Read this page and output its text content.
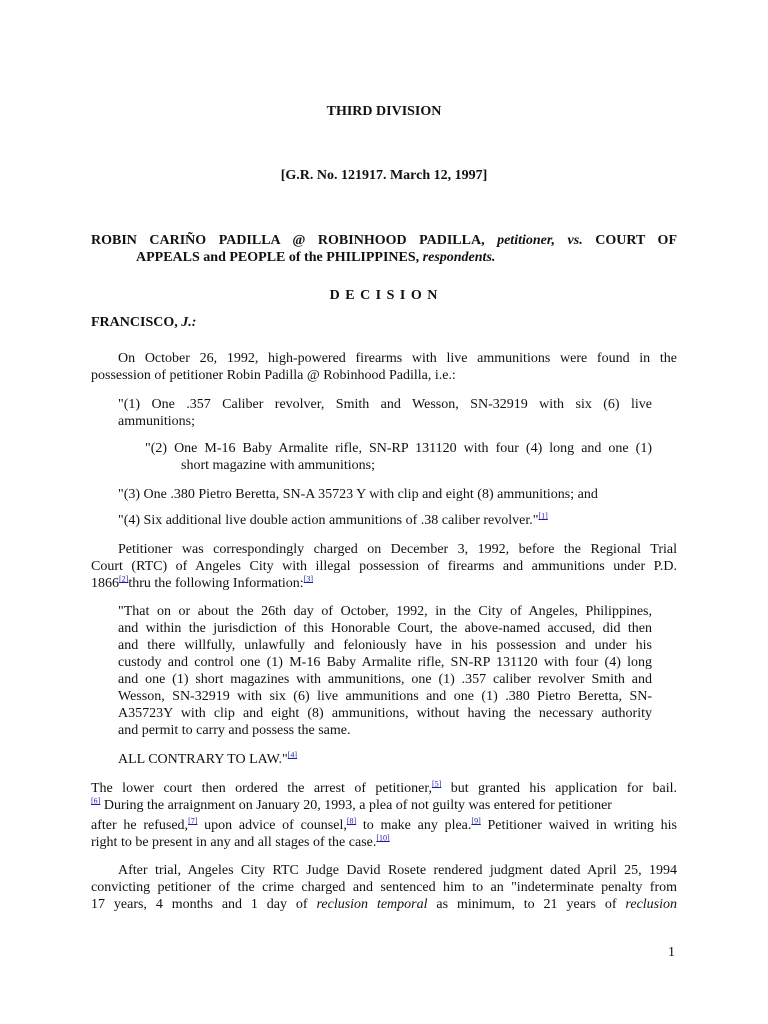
THIRD DIVISION
[G.R. No. 121917. March 12, 1997]
ROBIN CARIÑO PADILLA @ ROBINHOOD PADILLA, petitioner, vs. COURT OF
APPEALS and PEOPLE of the PHILIPPINES, respondents.
D E C I S I O N
FRANCISCO, J.:
On October 26, 1992, high-powered firearms with live ammunitions were found in the
possession of petitioner Robin Padilla @ Robinhood Padilla, i.e.:
"(1) One .357 Caliber revolver, Smith and Wesson, SN-32919 with six (6) live
ammunitions;
"(2) One M-16 Baby Armalite rifle, SN-RP 131120 with four (4) long and one (1)
short magazine with ammunitions;
"(3) One .380 Pietro Beretta, SN-A 35723 Y with clip and eight (8) ammunitions; and
"(4) Six additional live double action ammunitions of .38 caliber revolver."[1]
Petitioner was correspondingly charged on December 3, 1992, before the Regional Trial
Court (RTC) of Angeles City with illegal possession of firearms and ammunitions under P.D.
1866[2]thru the following Information:[3]
"That on or about the 26th day of October, 1992, in the City of Angeles, Philippines,
and within the jurisdiction of this Honorable Court, the above-named accused, did then
and there willfully, unlawfully and feloniously have in his possession and under his
custody and control one (1) M-16 Baby Armalite rifle, SN-RP 131120 with four (4) long
and one (1) short magazines with ammunitions, one (1) .357 caliber revolver Smith and
Wesson, SN-32919 with six (6) live ammunitions and one (1) .380 Pietro Beretta, SN-
A35723Y with clip and eight (8) ammunitions, without having the necessary authority
and permit to carry and possess the same.
ALL CONTRARY TO LAW."[4]
The lower court then ordered the arrest of petitioner,[5] but granted his application for bail.
[6] During the arraignment on January 20, 1993, a plea of not guilty was entered for petitioner
after he refused,[7] upon advice of counsel,[8] to make any plea.[9] Petitioner waived in writing his
right to be present in any and all stages of the case.[10]
After trial, Angeles City RTC Judge David Rosete rendered judgment dated April 25, 1994
convicting petitioner of the crime charged and sentenced him to an "indeterminate penalty from
17 years, 4 months and 1 day of reclusion temporal as minimum, to 21 years of reclusion
1
